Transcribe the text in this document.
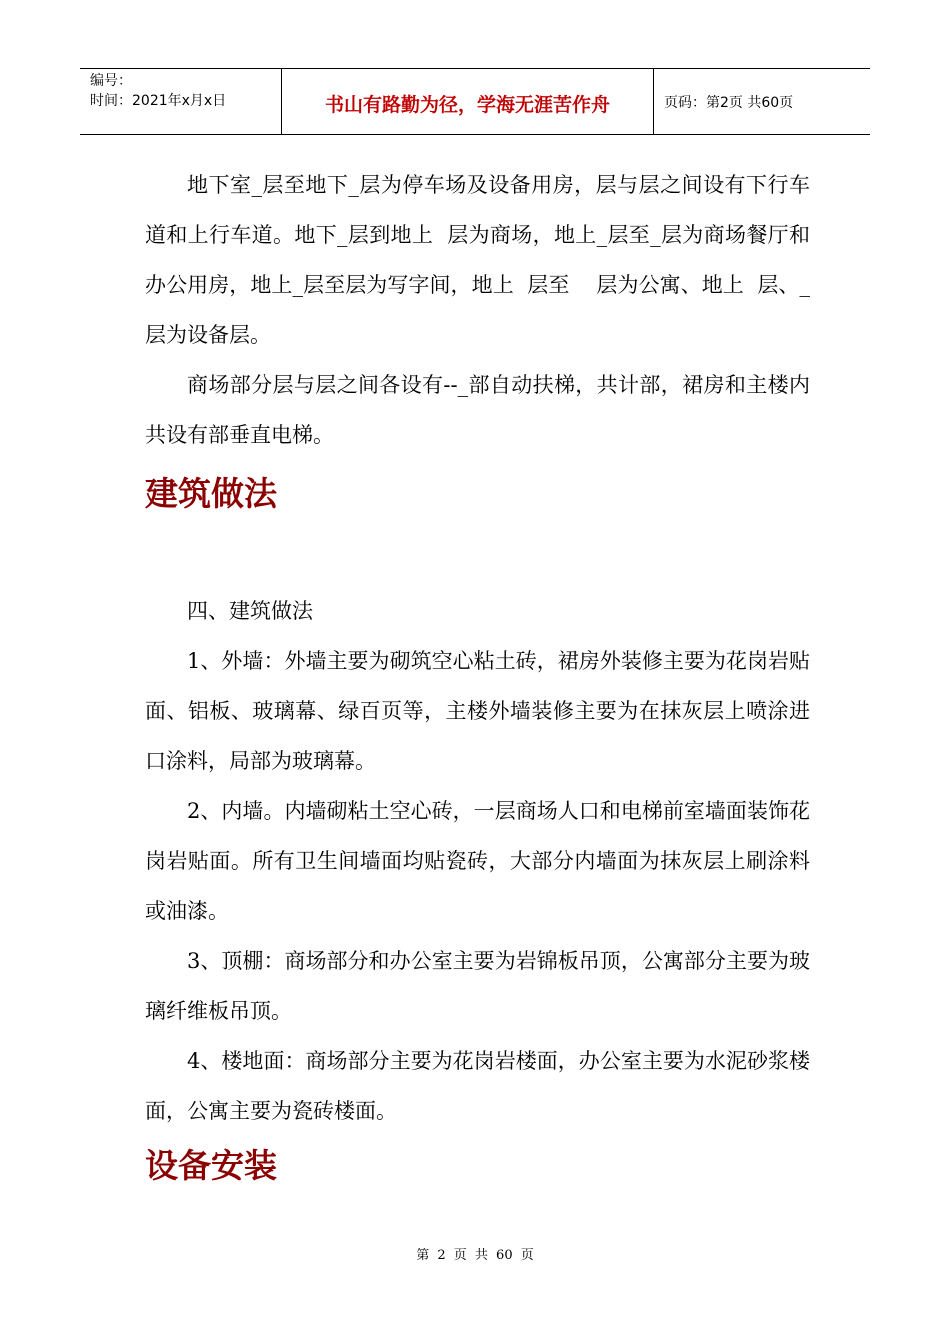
编号：
时间：2021年x月x日	书山有路勤为径，学海无涯苦作舟	页码：第2页 共60页

地下室_层至地下_层为停车场及设备用房，层与层之间设有下行车道和上行车道。地下_层到地上  层为商场，地上_层至_层为商场餐厅和办公用房，地上_层至层为写字间，地上  层至    层为公寓、地上  层、_层为设备层。

商场部分层与层之间各设有--_部自动扶梯，共计部，裙房和主楼内共设有部垂直电梯。

建筑做法

四、建筑做法

1、外墙：外墙主要为砌筑空心粘土砖，裙房外装修主要为花岗岩贴面、铝板、玻璃幕、绿百页等，主楼外墙装修主要为在抹灰层上喷涂进口涂料，局部为玻璃幕。

2、内墙。内墙砌粘土空心砖，一层商场人口和电梯前室墙面装饰花岗岩贴面。所有卫生间墙面均贴瓷砖，大部分内墙面为抹灰层上刷涂料或油漆。

3、顶棚：商场部分和办公室主要为岩锦板吊顶，公寓部分主要为玻璃纤维板吊顶。

4、楼地面：商场部分主要为花岗岩楼面，办公室主要为水泥砂浆楼面，公寓主要为瓷砖楼面。

设备安装
第 2 页 共 60 页
